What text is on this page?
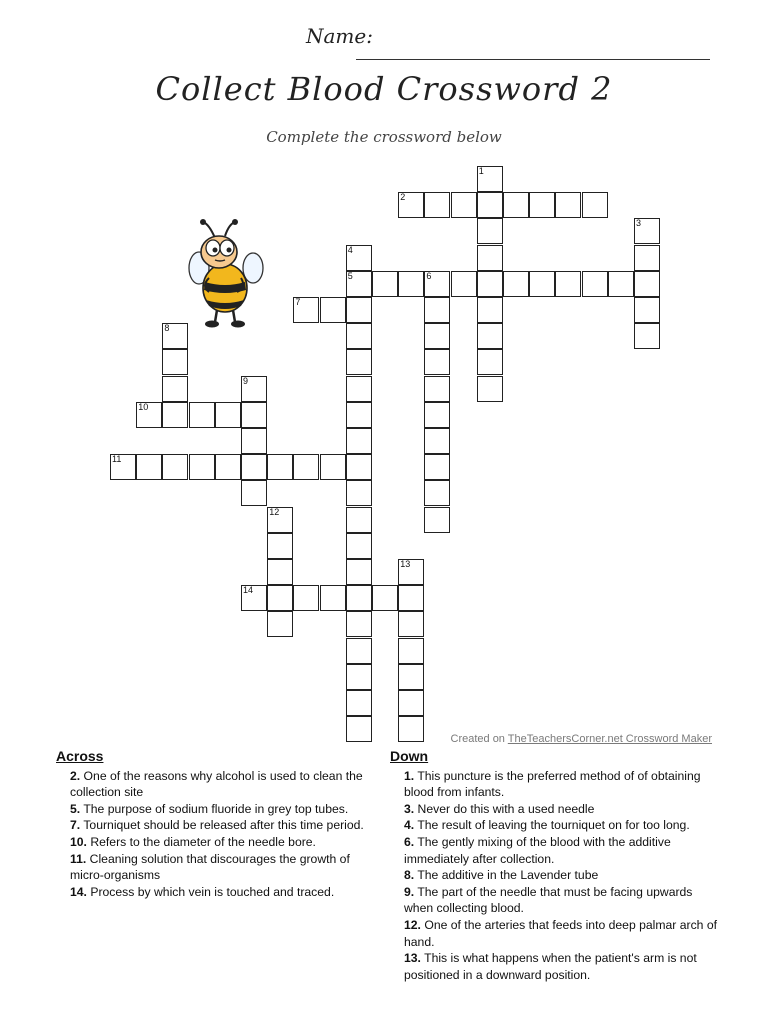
Name:
Collect Blood Crossword 2
Complete the crossword below
2
5	6
7
10
11
14
1
3
4
8
9
12
13
Created on TheTeachersCorner.net Crossword Maker
Across
2. One of the reasons why alcohol is used to clean the collection site
5. The purpose of sodium fluoride in grey top tubes.
7. Tourniquet should be released after this time period.
10. Refers to the diameter of the needle bore.
11. Cleaning solution that discourages the growth of micro-organisms
14. Process by which vein is touched and traced.
Down
1. This puncture is the preferred method of of obtaining blood from infants.
3. Never do this with a used needle
4. The result of leaving the tourniquet on for too long.
6. The gently mixing of the blood with the additive immediately after collection.
8. The additive in the Lavender tube
9. The part of the needle that must be facing upwards when collecting blood.
12. One of the arteries that feeds into deep palmar arch of hand.
13. This is what happens when the patient's arm is not positioned in a downward position.
